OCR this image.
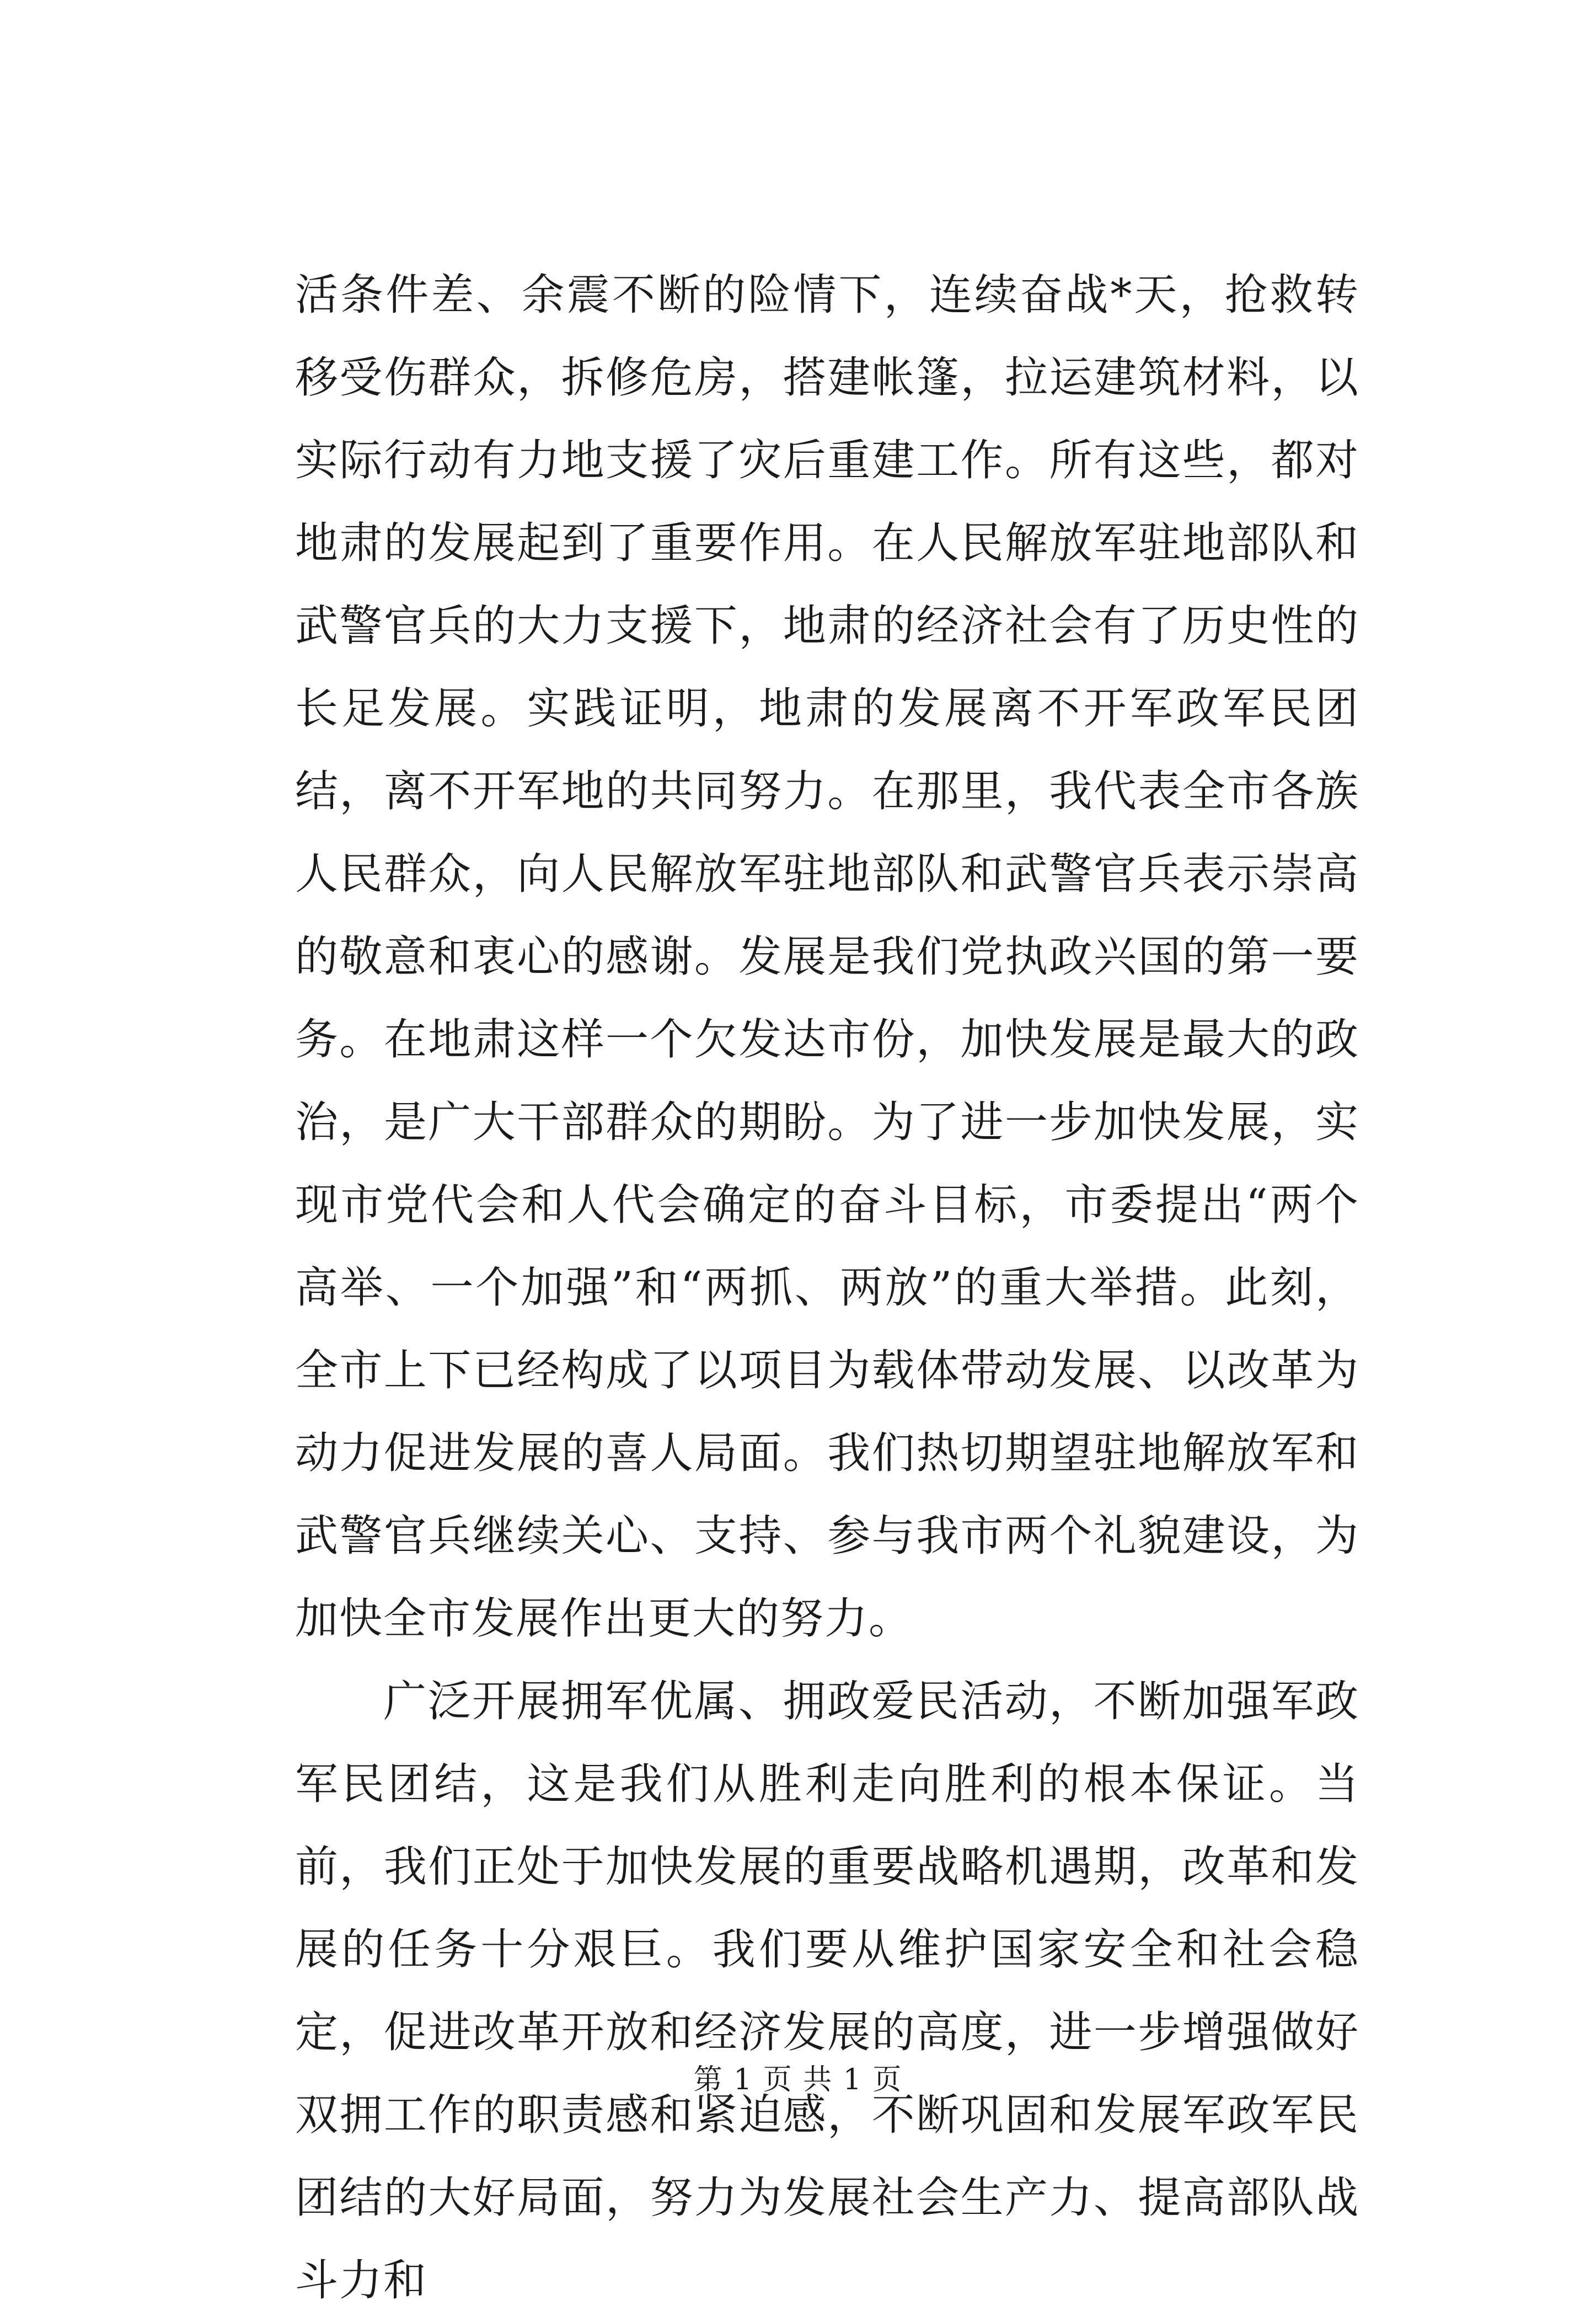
活条件差、余震不断的险情下，连续奋战*天，抢救转移受伤群众，拆修危房，搭建帐篷，拉运建筑材料，以实际行动有力地支援了灾后重建工作。所有这些，都对地肃的发展起到了重要作用。在人民解放军驻地部队和武警官兵的大力支援下，地肃的经济社会有了历史性的长足发展。实践证明，地肃的发展离不开军政军民团结，离不开军地的共同努力。在那里，我代表全市各族人民群众，向人民解放军驻地部队和武警官兵表示崇高的敬意和衷心的感谢。发展是我们党执政兴国的第一要务。在地肃这样一个欠发达市份，加快发展是最大的政治，是广大干部群众的期盼。为了进一步加快发展，实现市党代会和人代会确定的奋斗目标，市委提出“两个高举、一个加强”和“两抓、两放”的重大举措。此刻，全市上下已经构成了以项目为载体带动发展、以改革为动力促进发展的喜人局面。我们热切期望驻地解放军和武警官兵继续关心、支持、参与我市两个礼貌建设，为加快全市发展作出更大的努力。

广泛开展拥军优属、拥政爱民活动，不断加强军政军民团结，这是我们从胜利走向胜利的根本保证。当前，我们正处于加快发展的重要战略机遇期，改革和发展的任务十分艰巨。我们要从维护国家安全和社会稳定，促进改革开放和经济发展的高度，进一步增强做好双拥工作的职责感和紧迫感，不断巩固和发展军政军民团结的大好局面，努力为发展社会生产力、提高部队战斗力和

第 1 页 共 1 页
